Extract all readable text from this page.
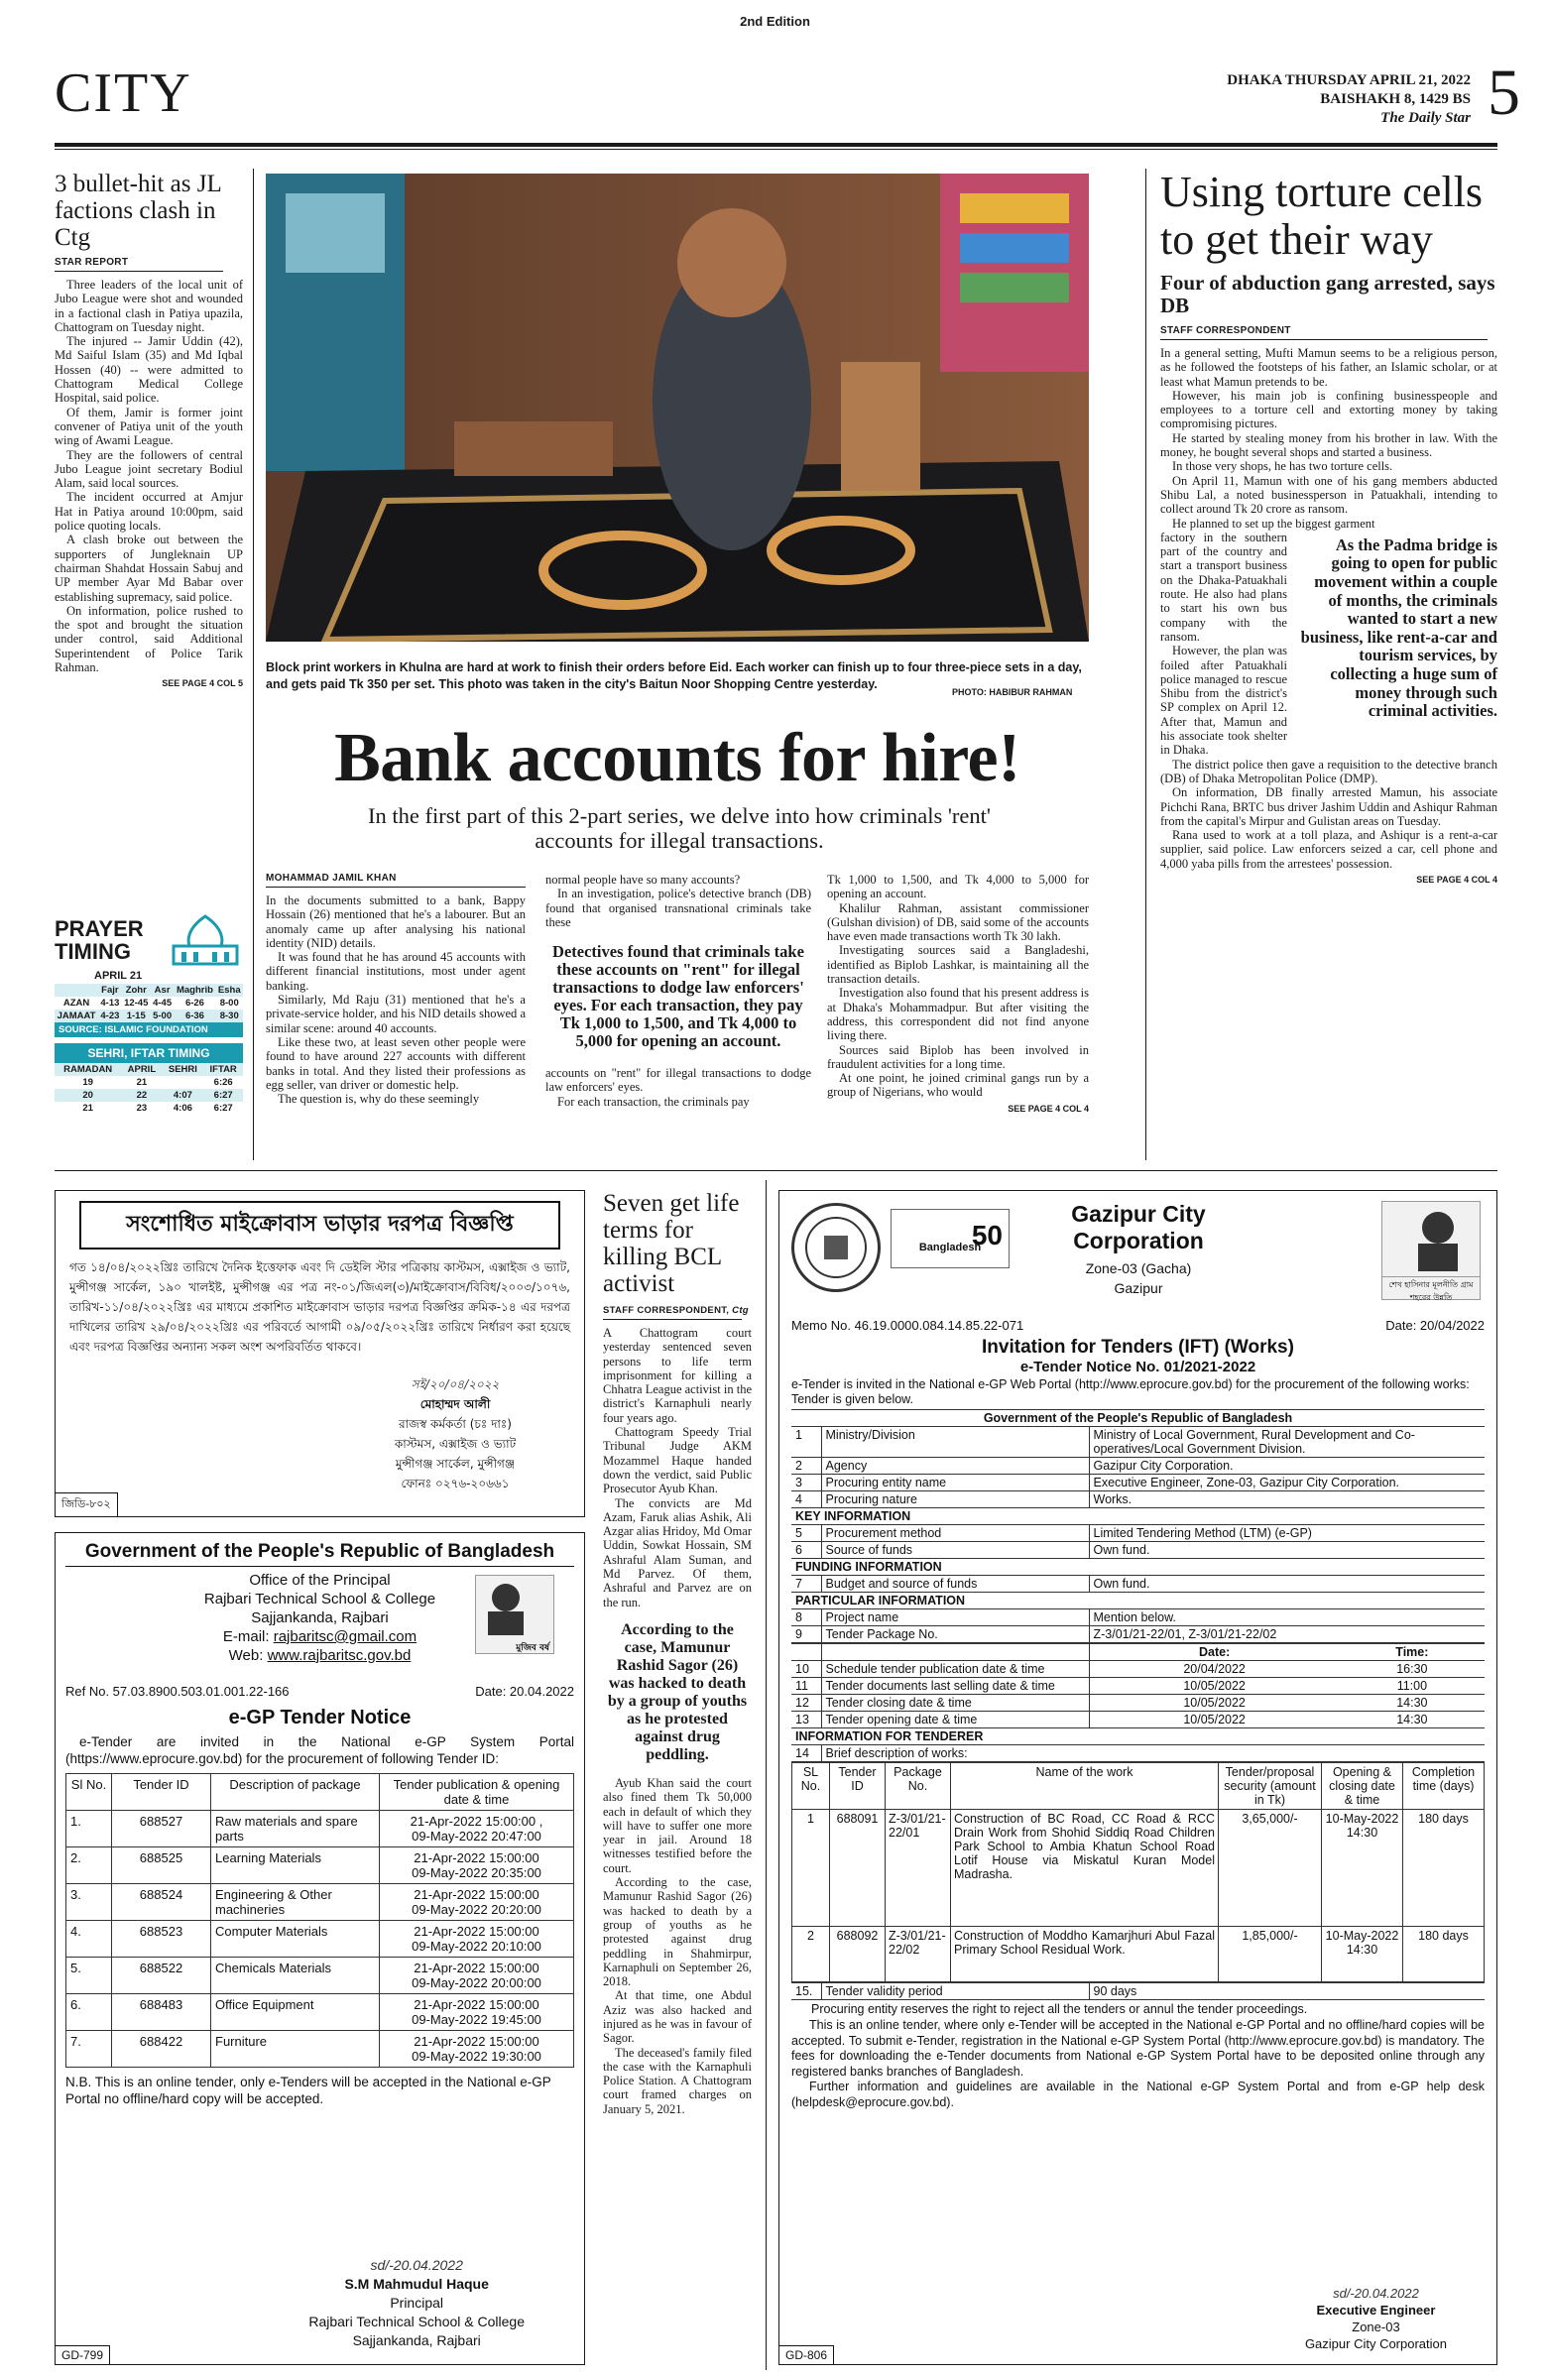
2nd Edition
CITY	DHAKA THURSDAY APRIL 21, 2022
BAISHAKH 8, 1429 BS
The Daily Star 5
3 bullet-hit as JL factions clash in Ctg
STAR REPORT

Three leaders of the local unit of Jubo League were shot and wounded in a factional clash in Patiya upazila, Chattogram on Tuesday night.

The injured -- Jamir Uddin (42), Md Saiful Islam (35) and Md Iqbal Hossen (40) -- were admitted to Chattogram Medical College Hospital, said police.

Of them, Jamir is former joint convener of Patiya unit of the youth wing of Awami League.

They are the followers of central Jubo League joint secretary Bodiul Alam, said local sources.

The incident occurred at Amjur Hat in Patiya around 10:00pm, said police quoting locals.

A clash broke out between the supporters of Jungleknain UP chairman Shahdat Hossain Sabuj and UP member Ayar Md Babar over establishing supremacy, said police.

On information, police rushed to the spot and brought the situation under control, said Additional Superintendent of Police Tarik Rahman.

SEE PAGE 4 COL 5
PRAYER
TIMING
APRIL 21
	Fajr	Zohr	Asr	Maghrib	Esha
AZAN	4-13	12-45	4-45	6-26	8-00
JAMAAT	4-23	1-15	5-00	6-36	8-30
SOURCE: ISLAMIC FOUNDATION
SEHRI, IFTAR TIMING
RAMADAN	APRIL	SEHRI	IFTAR
19	21		6:26
20	22	4:07	6:27
21	23	4:06	6:27
Block print workers in Khulna are hard at work to finish their orders before Eid. Each worker can finish up to four three-piece sets in a day, and gets paid Tk 350 per set. This photo was taken in the city's Baitun Noor Shopping Centre yesterday.
PHOTO: HABIBUR RAHMAN
Bank accounts for hire!
In the first part of this 2-part series, we delve into how criminals 'rent' accounts for illegal transactions.
MOHAMMAD JAMIL KHAN

In the documents submitted to a bank, Bappy Hossain (26) mentioned that he's a labourer. But an anomaly came up after analysing his national identity (NID) details.

It was found that he has around 45 accounts with different financial institutions, most under agent banking.

Similarly, Md Raju (31) mentioned that he's a private-service holder, and his NID details showed a similar scene: around 40 accounts.

Like these two, at least seven other people were found to have around 227 accounts with different banks in total. And they listed their professions as egg seller, van driver or domestic help.

The question is, why do these seemingly

normal people have so many accounts?

In an investigation, police's detective branch (DB) found that organised transnational criminals take these

Detectives found that criminals take these accounts on "rent" for illegal transactions to dodge law enforcers' eyes. For each transaction, they pay Tk 1,000 to 1,500, and Tk 4,000 to 5,000 for opening an account.

accounts on "rent" for illegal transactions to dodge law enforcers' eyes.

For each transaction, the criminals pay

Tk 1,000 to 1,500, and Tk 4,000 to 5,000 for opening an account.

Khalilur Rahman, assistant commissioner (Gulshan division) of DB, said some of the accounts have even made transactions worth Tk 30 lakh.

Investigating sources said a Bangladeshi, identified as Biplob Lashkar, is maintaining all the transaction details.

Investigation also found that his present address is at Dhaka's Mohammadpur. But after visiting the address, this correspondent did not find anyone living there.

Sources said Biplob has been involved in fraudulent activities for a long time.

At one point, he joined criminal gangs run by a group of Nigerians, who would

SEE PAGE 4 COL 4
Using torture cells to get their way
Four of abduction gang arrested, says DB
STAFF CORRESPONDENT

In a general setting, Mufti Mamun seems to be a religious person, as he followed the footsteps of his father, an Islamic scholar, or at least what Mamun pretends to be.

However, his main job is confining businesspeople and employees to a torture cell and extorting money by taking compromising pictures.

He started by stealing money from his brother in law. With the money, he bought several shops and started a business.

In those very shops, he has two torture cells.

On April 11, Mamun with one of his gang members abducted Shibu Lal, a noted businessperson in Patuakhali, intending to collect around Tk 20 crore as ransom.

He planned to set up the biggest garment

factory in the southern part of the country and start a transport business on the Dhaka-Patuakhali route. He also had plans to start his own bus company with the ransom.

However, the plan was foiled after Patuakhali police managed to rescue Shibu from the district's SP complex on April 12. After that, Mamun and his associate took shelter in Dhaka.

As the Padma bridge is going to open for public movement within a couple of months, the criminals wanted to start a new business, like rent-a-car and tourism services, by collecting a huge sum of money through such criminal activities.

The district police then gave a requisition to the detective branch (DB) of Dhaka Metropolitan Police (DMP).

On information, DB finally arrested Mamun, his associate Pichchi Rana, BRTC bus driver Jashim Uddin and Ashiqur Rahman from the capital's Mirpur and Gulistan areas on Tuesday.

Rana used to work at a toll plaza, and Ashiqur is a rent-a-car supplier, said police. Law enforcers seized a car, cell phone and 4,000 yaba pills from the arrestees' possession.

SEE PAGE 4 COL 4
সংশোধিত মাইক্রোবাস ভাড়ার দরপত্র বিজ্ঞপ্তি
গত ১৪/০৪/২০২২খ্রিঃ তারিখে দৈনিক ইত্তেফাক এবং দি ডেইলি স্টার পত্রিকায় কাস্টমস, এক্সাইজ ও ভ্যাট, মুন্সীগঞ্জ সার্কেল, ১৯০ খালইষ্ট, মুন্সীগঞ্জ এর পত্র নং-০১/জিএল(৩)/মাইক্রোবাস/বিবিধ/২০০৩/১০৭৬, তারিখ-১১/০৪/২০২২খ্রিঃ এর মাধ্যমে প্রকাশিত মাইক্রোবাস ভাড়ার দরপত্র বিজ্ঞপ্তির ক্রমিক-১৪ এর দরপত্র দাখিলের তারিখ ২৯/০৪/২০২২খ্রিঃ এর পরিবর্তে আগামী ০৯/০৫/২০২২খ্রিঃ তারিখে নির্ধারণ করা হয়েছে এবং দরপত্র বিজ্ঞপ্তির অন্যান্য সকল অংশ অপরিবর্তিত থাকবে।
সই/২০/০৪/২০২২
মোহাম্মদ আলী
রাজস্ব কর্মকর্তা (চঃ দাঃ)
কাস্টমস, এক্সাইজ ও ভ্যাট
মুন্সীগঞ্জ সার্কেল, মুন্সীগঞ্জ
ফোনঃ ০২৭৬-২০৬৬১
জিডি-৮০২
Government of the People's Republic of Bangladesh
Office of the Principal
Rajbari Technical School & College
Sajjankanda, Rajbari
E-mail: rajbaritsc@gmail.com
Web: www.rajbaritsc.gov.bd	মুজিব বর্ষ
Ref No. 57.03.8900.503.01.001.22-166	Date: 20.04.2022
e-GP Tender Notice
e-Tender are invited in the National e-GP System Portal (https://www.eprocure.gov.bd) for the procurement of following Tender ID:
Sl No.	Tender ID	Description of package	Tender publication & opening date & time
1.	688527	Raw materials and spare parts	21-Apr-2022 15:00:00 ,
09-May-2022 20:47:00
2.	688525	Learning Materials	21-Apr-2022 15:00:00
09-May-2022 20:35:00
3.	688524	Engineering & Other machineries	21-Apr-2022 15:00:00
09-May-2022 20:20:00
4.	688523	Computer Materials	21-Apr-2022 15:00:00
09-May-2022 20:10:00
5.	688522	Chemicals Materials	21-Apr-2022 15:00:00
09-May-2022 20:00:00
6.	688483	Office Equipment	21-Apr-2022 15:00:00
09-May-2022 19:45:00
7.	688422	Furniture	21-Apr-2022 15:00:00
09-May-2022 19:30:00
N.B. This is an online tender, only e-Tenders will be accepted in the National e-GP Portal no offline/hard copy will be accepted.
sd/-20.04.2022
S.M Mahmudul Haque
Principal
Rajbari Technical School & College
Sajjankanda, Rajbari
GD-799
Seven get life terms for killing BCL activist
STAFF CORRESPONDENT, Ctg

A Chattogram court yesterday sentenced seven persons to life term imprisonment for killing a Chhatra League activist in the district's Karnaphuli nearly four years ago.

Chattogram Speedy Trial Tribunal Judge AKM Mozammel Haque handed down the verdict, said Public Prosecutor Ayub Khan.

The convicts are Md Azam, Faruk alias Ashik, Ali Azgar alias Hridoy, Md Omar Uddin, Sowkat Hossain, SM Ashraful Alam Suman, and Md Parvez. Of them, Ashraful and Parvez are on the run.

According to the case, Mamunur Rashid Sagor (26) was hacked to death by a group of youths as he protested against drug peddling.

Ayub Khan said the court also fined them Tk 50,000 each in default of which they will have to suffer one more year in jail. Around 18 witnesses testified before the court.

According to the case, Mamunur Rashid Sagor (26) was hacked to death by a group of youths as he protested against drug peddling in Shahmirpur, Karnaphuli on September 26, 2018.

At that time, one Abdul Aziz was also hacked and injured as he was in favour of Sagor.

The deceased's family filed the case with the Karnaphuli Police Station. A Chattogram court framed charges on January 5, 2021.

Bangladesh
50
Gazipur City Corporation
Zone-03 (Gacha)
Gazipur	শেখ হাসিনার মূলনীতি গ্রাম শহরের উন্নতি
Memo No. 46.19.0000.084.14.85.22-071	Date: 20/04/2022
Invitation for Tenders (IFT) (Works)
e-Tender Notice No. 01/2021-2022
e-Tender is invited in the National e-GP Web Portal (http://www.eprocure.gov.bd) for the procurement of the following works: Tender is given below.
Government of the People's Republic of Bangladesh		
1	Ministry/Division	Ministry of Local Government, Rural Development and Co-operatives/Local Government Division.
2	Agency	Gazipur City Corporation.
3	Procuring entity name	Executive Engineer, Zone-03, Gazipur City Corporation.
4	Procuring nature	Works.
KEY INFORMATION		
5	Procurement method	Limited Tendering Method (LTM) (e-GP)
6	Source of funds	Own fund.
FUNDING INFORMATION		
7	Budget and source of funds	Own fund.
PARTICULAR INFORMATION		
8	Project name	Mention below.
9	Tender Package No.	Z-3/01/21-22/01, Z-3/01/21-22/02
		Date:	Time:
10	Schedule tender publication date & time	20/04/2022	16:30
11	Tender documents last selling date & time	10/05/2022	11:00
12	Tender closing date & time	10/05/2022	14:30
13	Tender opening date & time	10/05/2022	14:30
INFORMATION FOR TENDERER			
14	Brief description of works:		
SL No.	Tender ID	Package No.	Name of the work	Tender/proposal security (amount in Tk)	Opening & closing date & time	Completion time (days)
1	688091	Z-3/01/21-22/01	Construction of BC Road, CC Road & RCC Drain Work from Shohid Siddiq Road Children Park School to Ambia Khatun School Road Lotif House via Miskatul Kuran Model Madrasha.	3,65,000/-	10-May-2022 14:30	180 days
2	688092	Z-3/01/21-22/02	Construction of Moddho Kamarjhuri Abul Fazal Primary School Residual Work.	1,85,000/-	10-May-2022 14:30	180 days
15.	Tender validity period	90 days
Procuring entity reserves the right to reject all the tenders or annul the tender proceedings.
This is an online tender, where only e-Tender will be accepted in the National e-GP Portal and no offline/hard copies will be accepted. To submit e-Tender, registration in the National e-GP System Portal (http://www.eprocure.gov.bd) is mandatory. The fees for downloading the e-Tender documents from National e-GP System Portal have to be deposited online through any registered banks branches of Bangladesh.
Further information and guidelines are available in the National e-GP System Portal and from e-GP help desk (helpdesk@eprocure.gov.bd).
sd/-20.04.2022
Executive Engineer
Zone-03
Gazipur City Corporation
GD-806
